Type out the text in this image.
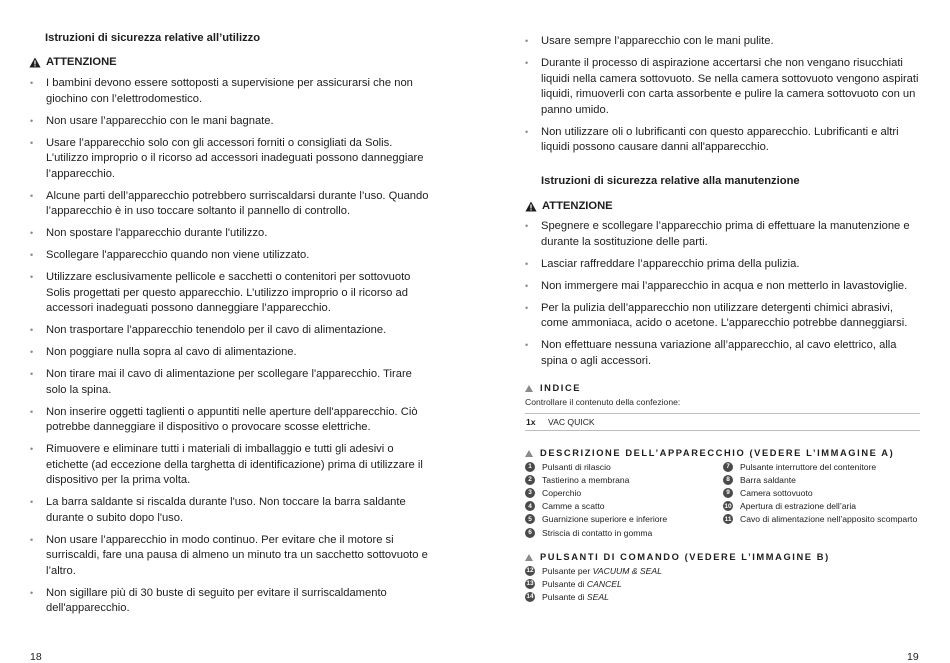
Istruzioni di sicurezza relative all’utilizzo
ATTENZIONE
• I bambini devono essere sottoposti a supervisione per assicurarsi che non giochino con l’elettrodomestico.
• Non usare l’apparecchio con le mani bagnate.
• Usare l’apparecchio solo con gli accessori forniti o consigliati da Solis. L’utilizzo improprio o il ricorso ad accessori inadeguati possono danneggiare l’apparecchio.
• Alcune parti dell’apparecchio potrebbero surriscaldarsi durante l’uso. Quando l’apparecchio è in uso toccare soltanto il pannello di controllo.
• Non spostare l'apparecchio durante l'utilizzo.
• Scollegare l'apparecchio quando non viene utilizzato.
• Utilizzare esclusivamente pellicole e sacchetti o contenitori per sottovuoto Solis progettati per questo apparecchio. L’utilizzo improprio o il ricorso ad accessori inadeguati possono danneggiare l’apparecchio.
• Non trasportare l’apparecchio tenendolo per il cavo di alimentazione.
• Non poggiare nulla sopra al cavo di alimentazione.
• Non tirare mai il cavo di alimentazione per scollegare l'apparecchio. Tirare solo la spina.
• Non inserire oggetti taglienti o appuntiti nelle aperture dell'apparecchio. Ciò potrebbe danneggiare il dispositivo o provocare scosse elettriche.
• Rimuovere e eliminare tutti i materiali di imballaggio e tutti gli adesivi o etichette (ad eccezione della targhetta di identificazione) prima di utilizzare il dispositivo per la prima volta.
• La barra saldante si riscalda durante l'uso. Non toccare la barra saldante durante o subito dopo l'uso.
• Non usare l’apparecchio in modo continuo. Per evitare che il motore si surriscaldi, fare una pausa di almeno un minuto tra un sacchetto sottovuoto e l’altro.
• Non sigillare più di 30 buste di seguito per evitare il surriscaldamento dell'apparecchio.
18
• Usare sempre l’apparecchio con le mani pulite.
• Durante il processo di aspirazione accertarsi che non vengano risucchiati liquidi nella camera sottovuoto. Se nella camera sottovuoto vengono aspirati liquidi, rimuoverli con carta assorbente e pulire la camera sottovuoto con un panno umido.
• Non utilizzare oli o lubrificanti con questo apparecchio. Lubrificanti e altri liquidi possono causare danni all'apparecchio.
Istruzioni di sicurezza relative alla manutenzione
ATTENZIONE
• Spegnere e scollegare l’apparecchio prima di effettuare la manutenzione e durante la sostituzione delle parti.
• Lasciar raffreddare l’apparecchio prima della pulizia.
• Non immergere mai l’apparecchio in acqua e non metterlo in lavastoviglie.
• Per la pulizia dell’apparecchio non utilizzare detergenti chimici abrasivi, come ammoniaca, acido o acetone. L’apparecchio potrebbe danneggiarsi.
• Non effettuare nessuna variazione all’apparecchio, al cavo elettrico, alla spina o agli accessori.
INDICE
Controllare il contenuto della confezione:
1x	VAC QUICK
DESCRIZIONE DELL’APPARECCHIO (VEDERE L’IMMAGINE A)
1	Pulsanti di rilascio
2	Tastierino a membrana
3	Coperchio
4	Camme a scatto
5	Guarnizione superiore e inferiore
6	Striscia di contatto in gomma
7	Pulsante interruttore del contenitore
8	Barra saldante
9	Camera sottovuoto
10 Apertura di estrazione dell’aria
11 Cavo di alimentazione nell’apposito scomparto
PULSANTI DI COMANDO (VEDERE L’IMMAGINE B)
12 Pulsante per VACUUM & SEAL
13 Pulsante di CANCEL
14 Pulsante di SEAL
19
